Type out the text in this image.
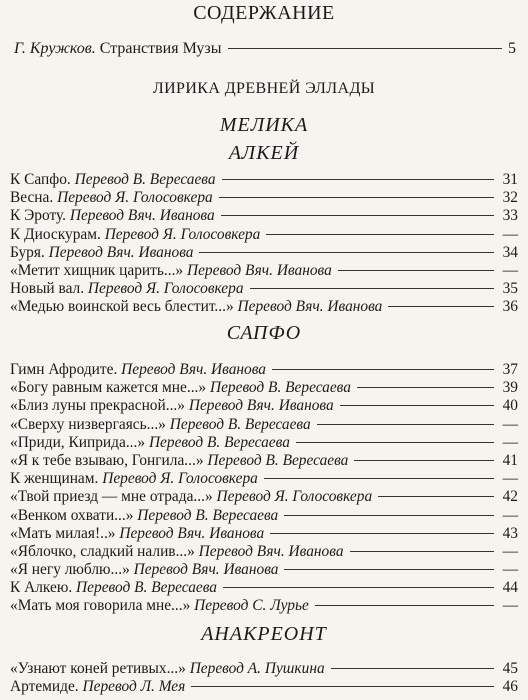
СОДЕРЖАНИЕ
Г. Кружков. Странствия Музы	5
ЛИРИКА ДРЕВНЕЙ ЭЛЛАДЫ
МЕЛИКА
АЛКЕЙ
К Сапфо. Перевод В. Вересаева	31
Весна. Перевод Я. Голосовкера	32
К Эроту. Перевод Вяч. Иванова	33
К Диоскурам. Перевод Я. Голосовкера	—
Буря. Перевод Вяч. Иванова	34
«Метит хищник царить...» Перевод Вяч. Иванова	—
Новый вал. Перевод Я. Голосовкера	35
«Медью воинской весь блестит...» Перевод Вяч. Иванова	36
САПФО
Гимн Афродите. Перевод Вяч. Иванова	37
«Богу равным кажется мне...» Перевод В. Вересаева	39
«Близ луны прекрасной...» Перевод Вяч. Иванова	40
«Сверху низвергаясь...» Перевод В. Вересаева	—
«Приди, Киприда...» Перевод В. Вересаева	—
«Я к тебе взываю, Гонгила...» Перевод В. Вересаева	41
К женщинам. Перевод Я. Голосовкера	—
«Твой приезд — мне отрада...» Перевод Я. Голосовкера	42
«Венком охвати...» Перевод В. Вересаева	—
«Мать милая!..» Перевод Вяч. Иванова	43
«Яблочко, сладкий налив...» Перевод Вяч. Иванова	—
«Я негу люблю...» Перевод Вяч. Иванова	—
К Алкею. Перевод В. Вересаева	44
«Мать моя говорила мне...» Перевод С. Лурье	—
АНАКРЕОНТ
«Узнают коней ретивых...» Перевод А. Пушкина	45
Артемиде. Перевод Л. Мея	46
